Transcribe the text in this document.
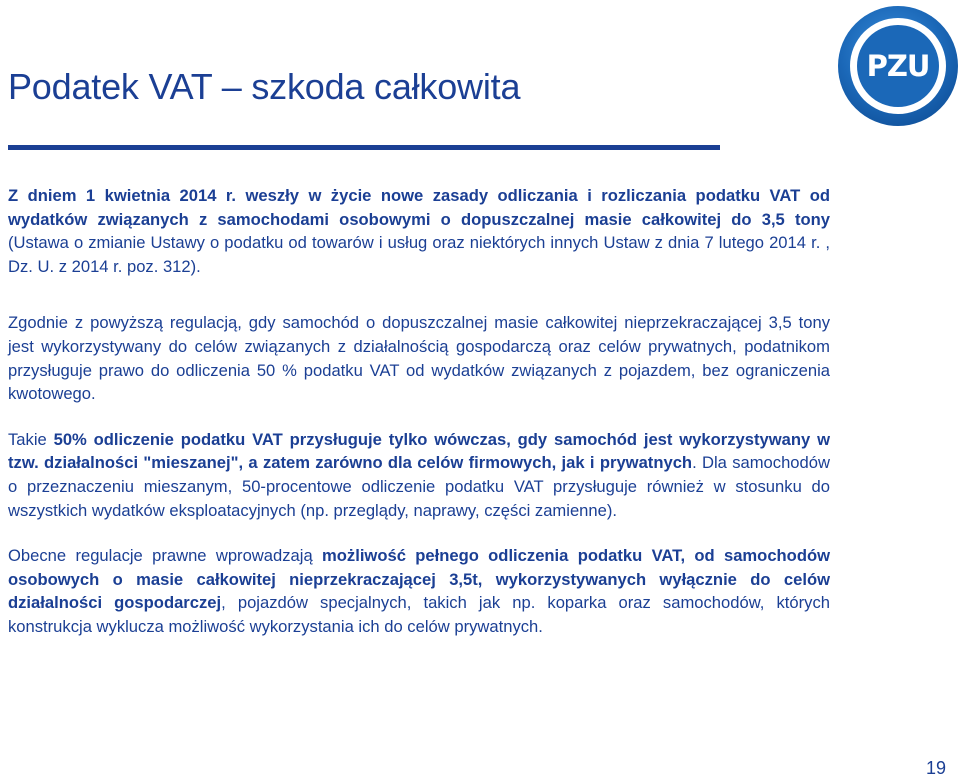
Podatek VAT – szkoda całkowita
PZU

Z dniem 1 kwietnia 2014 r. weszły w życie nowe zasady odliczania i rozliczania podatku VAT od wydatków związanych z samochodami osobowymi o dopuszczalnej masie całkowitej do 3,5 tony (Ustawa o zmianie Ustawy o podatku od towarów i usług oraz niektórych innych Ustaw z dnia 7 lutego 2014 r. , Dz. U. z 2014 r. poz. 312).

Zgodnie z powyższą regulacją, gdy samochód o dopuszczalnej masie całkowitej nieprzekraczającej 3,5 tony jest wykorzystywany do celów związanych z działalnością gospodarczą oraz celów prywatnych, podatnikom przysługuje prawo do odliczenia 50 % podatku VAT od wydatków związanych z pojazdem, bez ograniczenia kwotowego.

Takie 50% odliczenie podatku VAT przysługuje tylko wówczas, gdy samochód jest wykorzystywany w tzw. działalności "mieszanej", a zatem zarówno dla celów firmowych, jak i prywatnych. Dla samochodów o przeznaczeniu mieszanym, 50-procentowe odliczenie podatku VAT przysługuje również w stosunku do wszystkich wydatków eksploatacyjnych (np. przeglądy, naprawy, części zamienne).

Obecne regulacje prawne wprowadzają możliwość pełnego odliczenia podatku VAT, od samochodów osobowych o masie całkowitej nieprzekraczającej 3,5t, wykorzystywanych wyłącznie do celów działalności gospodarczej, pojazdów specjalnych, takich jak np. koparka oraz samochodów, których konstrukcja wyklucza możliwość wykorzystania ich do celów prywatnych.

19
